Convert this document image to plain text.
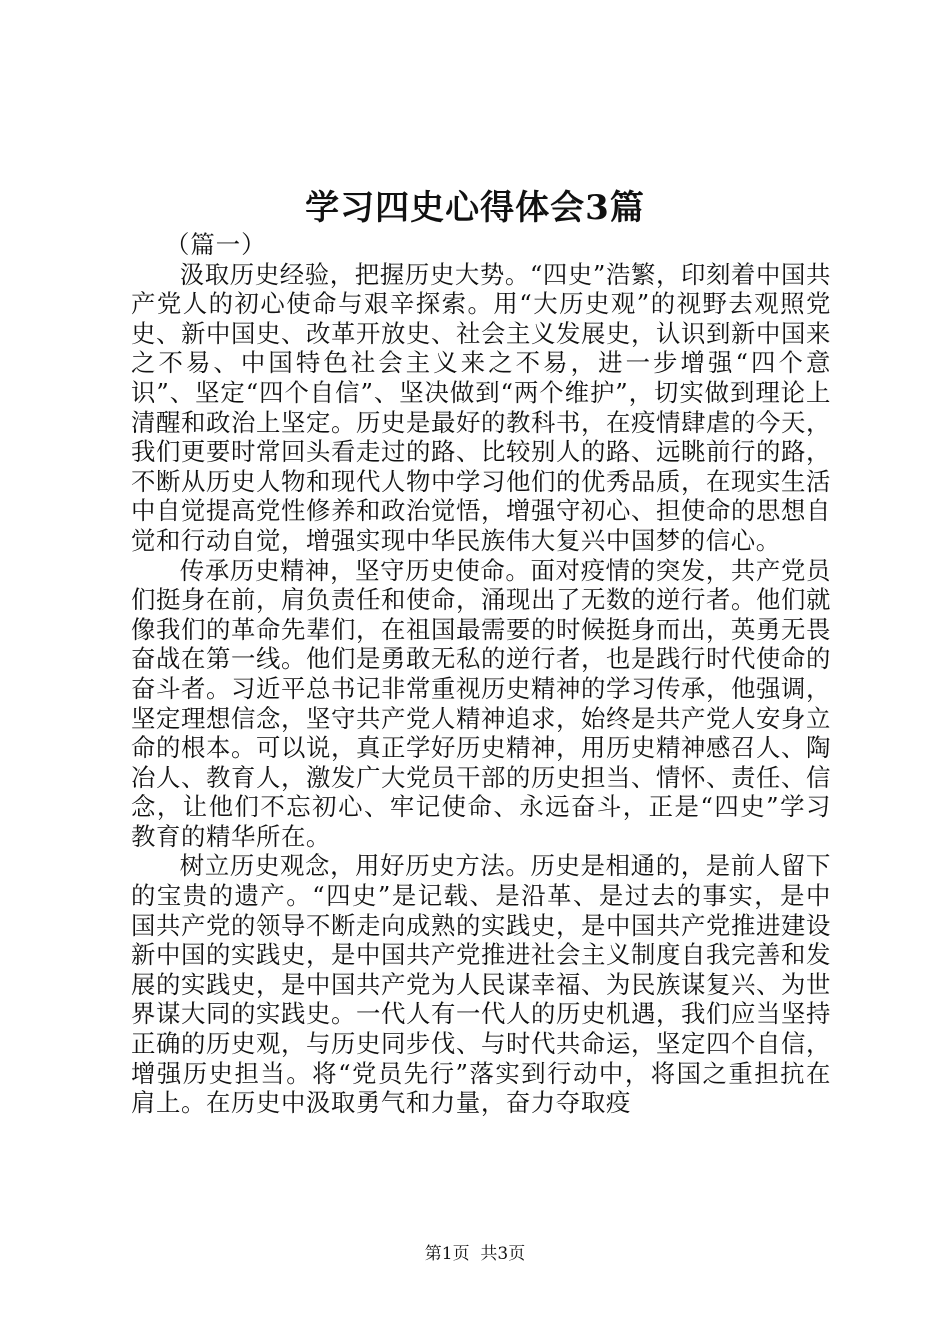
学习四史心得体会3篇

（篇一）

汲取历史经验，把握历史大势。“四史”浩繁，印刻着中国共产党人的初心使命与艰辛探索。用“大历史观”的视野去观照党史、新中国史、改革开放史、社会主义发展史，认识到新中国来之不易、中国特色社会主义来之不易，进一步增强“四个意识”、坚定“四个自信”、坚决做到“两个维护”，切实做到理论上清醒和政治上坚定。历史是最好的教科书，在疫情肆虐的今天，我们更要时常回头看走过的路、比较别人的路、远眺前行的路，不断从历史人物和现代人物中学习他们的优秀品质，在现实生活中自觉提高党性修养和政治觉悟，增强守初心、担使命的思想自觉和行动自觉，增强实现中华民族伟大复兴中国梦的信心。

传承历史精神，坚守历史使命。面对疫情的突发，共产党员们挺身在前，肩负责任和使命，涌现出了无数的逆行者。他们就像我们的革命先辈们，在祖国最需要的时候挺身而出，英勇无畏奋战在第一线。他们是勇敢无私的逆行者，也是践行时代使命的奋斗者。习近平总书记非常重视历史精神的学习传承，他强调，坚定理想信念，坚守共产党人精神追求，始终是共产党人安身立命的根本。可以说，真正学好历史精神，用历史精神感召人、陶冶人、教育人，激发广大党员干部的历史担当、情怀、责任、信念，让他们不忘初心、牢记使命、永远奋斗，正是“四史”学习教育的精华所在。

树立历史观念，用好历史方法。历史是相通的，是前人留下的宝贵的遗产。“四史”是记载、是沿革、是过去的事实，是中国共产党的领导不断走向成熟的实践史，是中国共产党推进建设新中国的实践史，是中国共产党推进社会主义制度自我完善和发展的实践史，是中国共产党为人民谋幸福、为民族谋复兴、为世界谋大同的实践史。一代人有一代人的历史机遇，我们应当坚持正确的历史观，与历史同步伐、与时代共命运，坚定四个自信，增强历史担当。将“党员先行”落实到行动中，将国之重担抗在肩上。在历史中汲取勇气和力量，奋力夺取疫

第1页  共3页
